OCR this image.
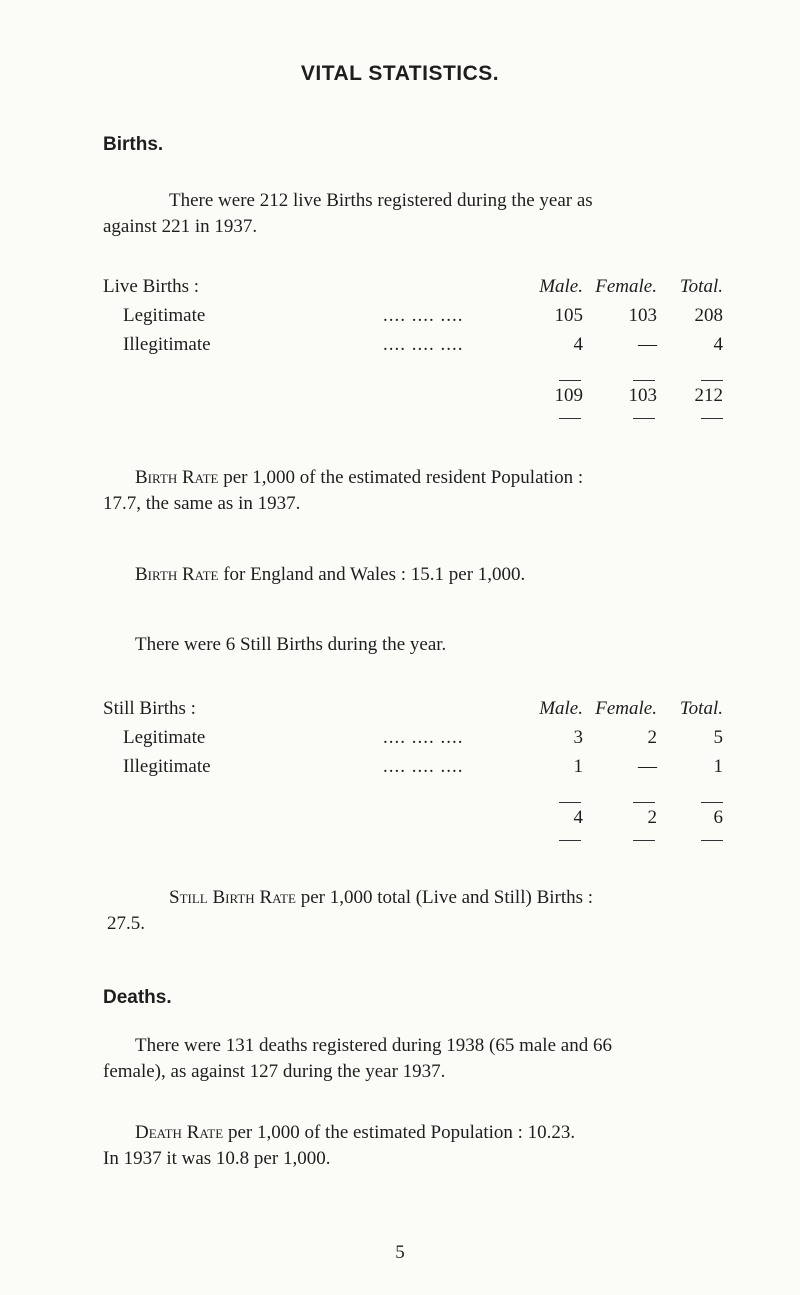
VITAL STATISTICS.
Births.
There were 212 live Births registered during the year as
against 221 in 1937.
Live Births :	Male. Female.	Total.
Legitimate	.... .... ....	105	103	208
Illegitimate	.... .... ....	4	—	4
109	103	212
Birth Rate per 1,000 of the estimated resident Population :
17.7, the same as in 1937.
Birth Rate for England and Wales : 15.1 per 1,000.
There were 6 Still Births during the year.
Still Births :	Male. Female.	Total.
Legitimate	.... .... ....	3	2	5
Illegitimate	.... .... ....	1	—	1
4	2	6
Still Birth Rate per 1,000 total (Live and Still) Births :
27.5.
Deaths.
There were 131 deaths registered during 1938 (65 male and 66
female), as against 127 during the year 1937.
Death Rate per 1,000 of the estimated Population : 10.23.
In 1937 it was 10.8 per 1,000.
5
